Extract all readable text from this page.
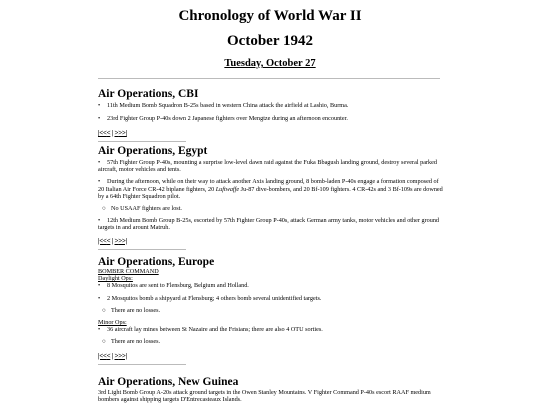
Chronology of World War II
October 1942
Tuesday, October 27
Air Operations, CBI

• 11th Medium Bomb Squadron B-25s based in western China attack the airfield at Lashio, Burma.

• 23rd Fighter Group P-40s down 2 Japanese fighters over Mengtze during an afternoon encounter.

|<<< | >>>|
Air Operations, Egypt

• 57th Fighter Group P-40s, mounting a surprise low-level dawn raid against the Fuka Bbagush landing ground, destroy several parked aircraft, motor vehicles and tents.

• During the afternoon, while on their way to attack another Axis landing ground, 8 bomb-laden P-40s engage a formation composed of 20 Italian Air Force CR-42 biplane fighters, 20 Luftwaffe Ju-87 dive-bombers, and 20 Bf-109 fighters. 4 CR-42s and 3 Bf-109s are downed by a 64th Fighter Squadron pilot.

○ No USAAF fighters are lost.

• 12th Medium Bomb Group B-25s, escorted by 57th Fighter Group P-40s, attack German army tanks, motor vehicles and other ground targets in and arount Matruh.

|<<< | >>>|
Air Operations, Europe
BOMBER COMMAND
Daylight Ops:

• 8 Mosquitos are sent to Flensburg, Belgium and Holland.

• 2 Mosquitos bomb a shipyard at Flensburg; 4 others bomb several unidentified targets.

○ There are no losses.

Minor Ops:

• 36 aircraft lay mines between St Nazaire and the Frisians; there are also 4 OTU sorties.

○ There are no losses.

|<<< | >>>|
Air Operations, New Guinea

3rd Light Bomb Group A-20s attack ground targets in the Owen Stanley Mountains. V Fighter Command P-40s escort RAAF medium bombers against shipping targets D'Entrecasteaux Islands.
